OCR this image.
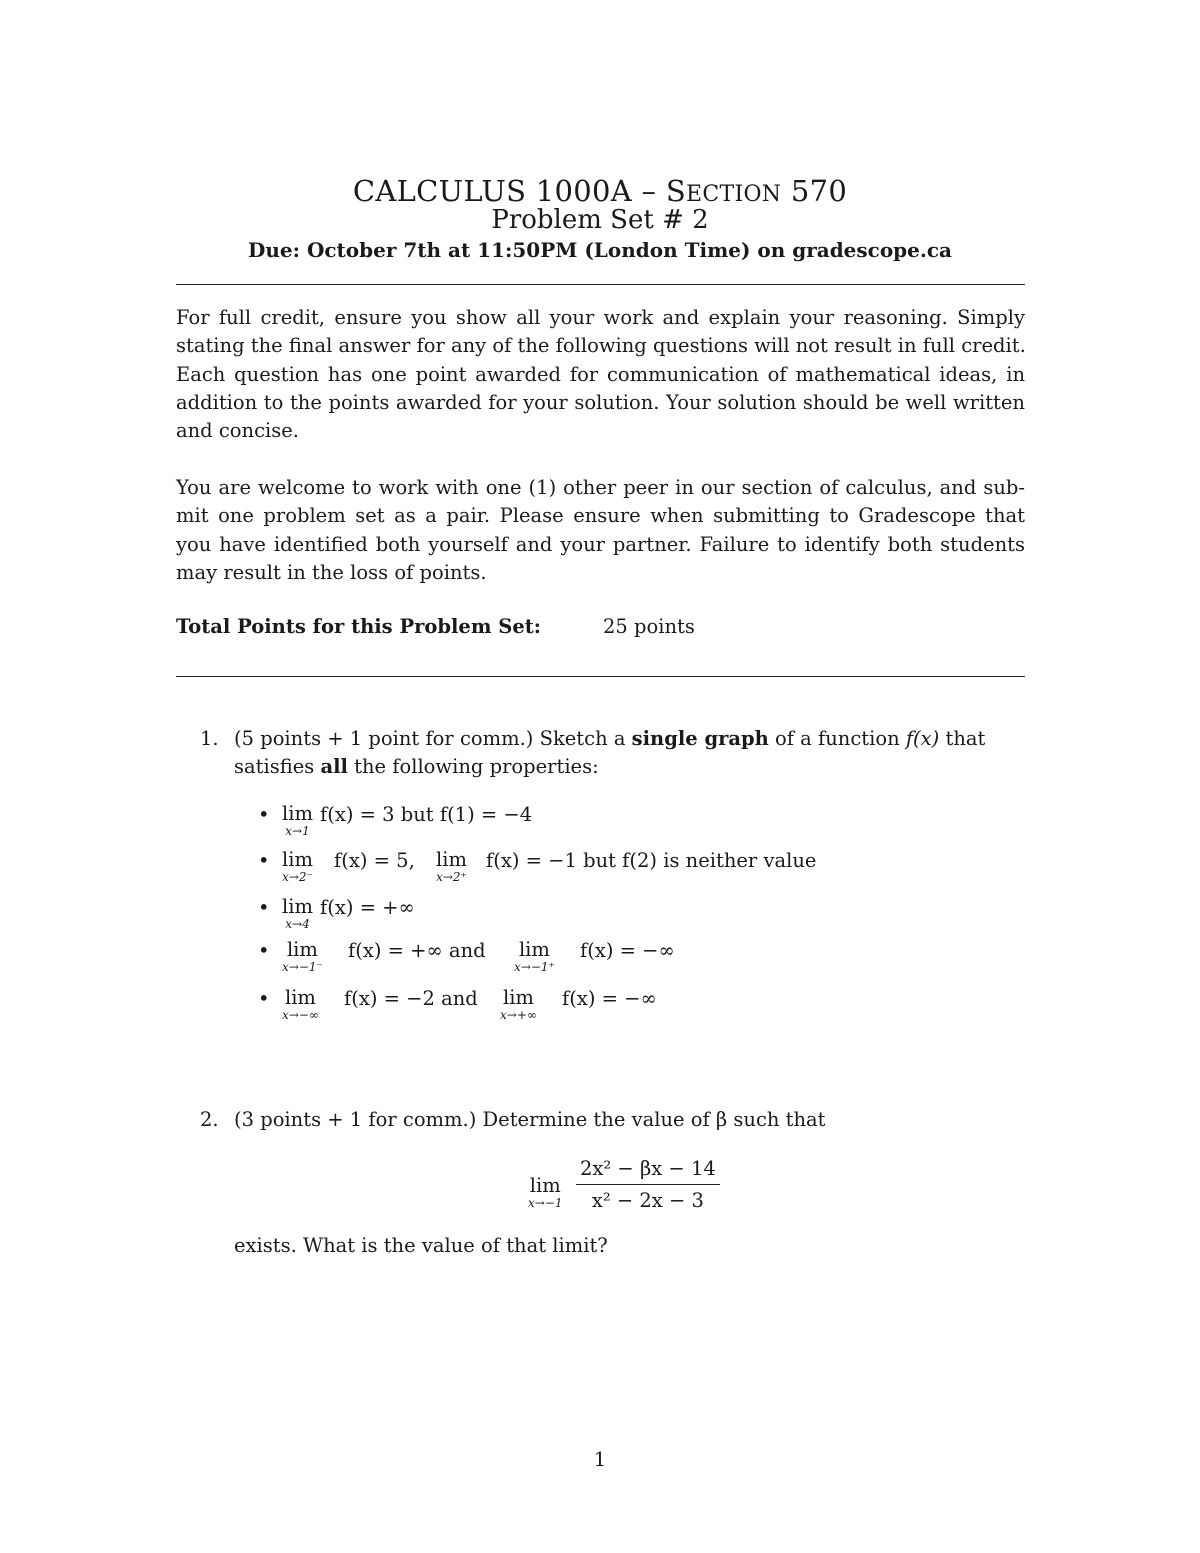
CALCULUS 1000A – SECTION 570
Problem Set # 2
Due: October 7th at 11:50PM (London Time) on gradescope.ca
For full credit, ensure you show all your work and explain your reasoning. Simply
stating the final answer for any of the following questions will not result in full credit.
Each question has one point awarded for communication of mathematical ideas, in
addition to the points awarded for your solution. Your solution should be well written
and concise.
You are welcome to work with one (1) other peer in our section of calculus, and sub-
mit one problem set as a pair. Please ensure when submitting to Gradescope that
you have identified both yourself and your partner. Failure to identify both students
may result in the loss of points.
Total Points for this Problem Set:	25 points
1. (5 points + 1 point for comm.) Sketch a single graph of a function f(x) that
satisfies all the following properties:
• lim
x→1
f(x) = 3 but f(1) = −4
• lim
x→2⁻
f(x) = 5, lim
x→2⁺
f(x) = −1 but f(2) is neither value
• lim
x→4
f(x) = +∞
• lim
x→−1⁻
f(x) = +∞ and lim
x→−1⁺
f(x) = −∞
• lim
x→−∞
f(x) = −2 and lim
x→+∞
f(x) = −∞
2. (3 points + 1 for comm.) Determine the value of β such that
lim
$x\to-1 \frac{\text{2x² − βx − 14}}{\text{x² − 2x − 3}}$
exists. What is the value of that limit?
1
